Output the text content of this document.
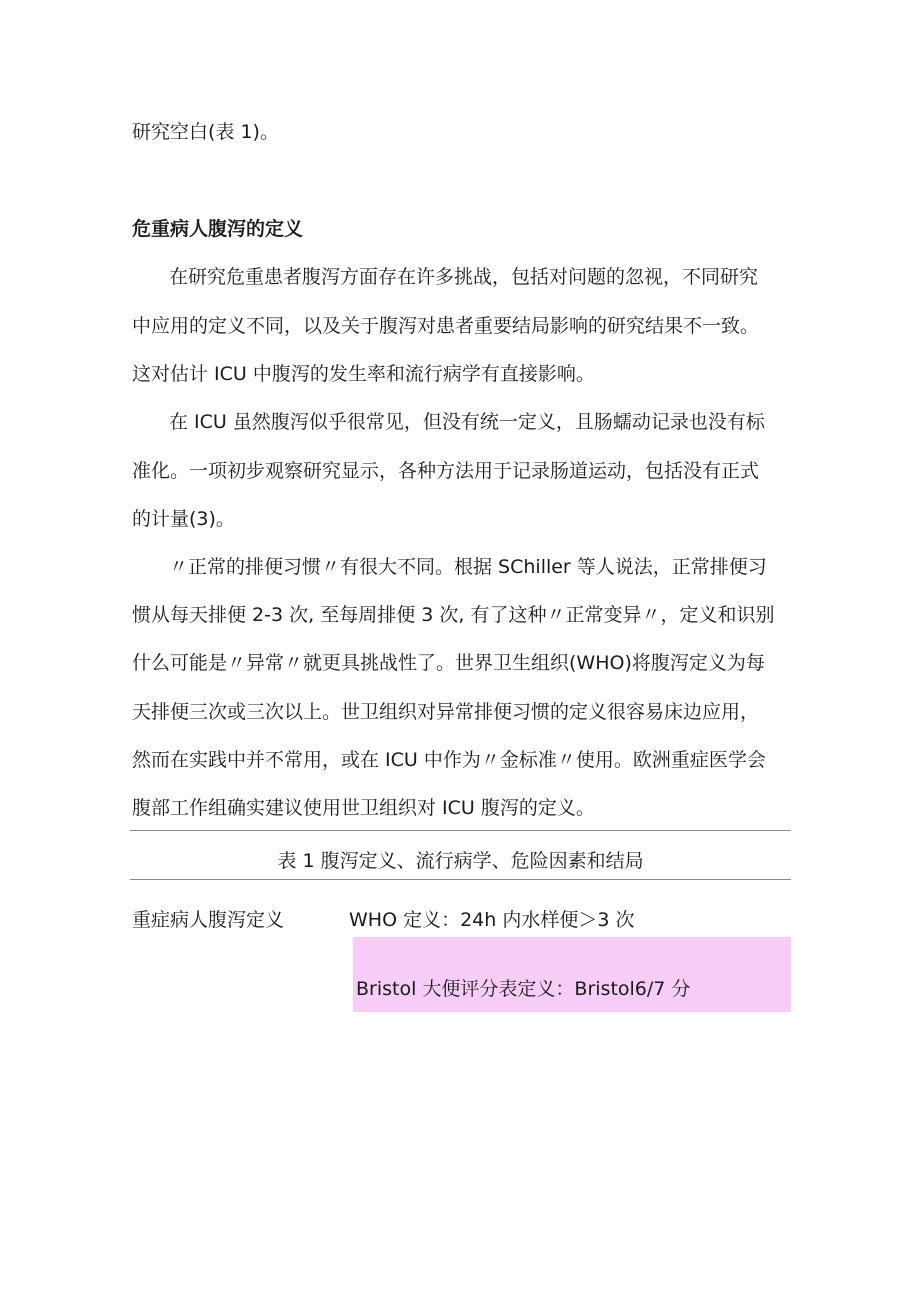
研究空白(表 1)。
危重病人腹泻的定义
在研究危重患者腹泻方面存在许多挑战，包括对问题的忽视，不同研究
中应用的定义不同，以及关于腹泻对患者重要结局影响的研究结果不一致。
这对估计 ICU 中腹泻的发生率和流行病学有直接影响。
在 ICU 虽然腹泻似乎很常见，但没有统一定义，且肠蠕动记录也没有标
准化。一项初步观察研究显示，各种方法用于记录肠道运动，包括没有正式
的计量(3)。
〃正常的排便习惯〃有很大不同。根据 SChiller 等人说法，正常排便习
惯从每天排便 2-3 次, 至每周排便 3 次, 有了这种〃正常变异〃，定义和识别
什么可能是〃异常〃就更具挑战性了。世界卫生组织(WHO)将腹泻定义为每
天排便三次或三次以上。世卫组织对异常排便习惯的定义很容易床边应用，
然而在实践中并不常用，或在 ICU 中作为〃金标准〃使用。欧洲重症医学会
腹部工作组确实建议使用世卫组织对 ICU 腹泻的定义。
表 1 腹泻定义、流行病学、危险因素和结局
重症病人腹泻定义	WHO 定义：24h 内水样便＞3 次
Bristol 大便评分表定义：Bristol6/7 分
